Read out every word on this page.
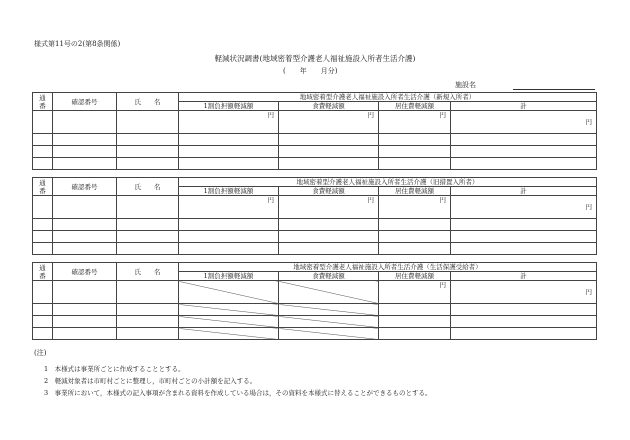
様式第11号の2(第8条関係)
軽減状況調書(地域密着型介護老人福祉施設入所者生活介護)
(　　年　　月分)
施設名
通
番	確認番号	氏　　名	地域密着型介護老人福祉施設入所者生活介護（新規入所者）			
			1割負担額軽減額	食費軽減額	居住費軽減額	計
			円	円	円	円

通
番	確認番号	氏　　名	地域密着型介護老人福祉施設入所者生活介護（旧措置入所者）			
			1割負担額軽減額	食費軽減額	居住費軽減額	計
			円	円	円	円

通
番	確認番号	氏　　名	地域密着型介護老人福祉施設入所者生活介護（生活保護受給者）			
			1割負担額軽減額	食費軽減額	居住費軽減額	計
					円	円

(注)
1　本様式は事業所ごとに作成することとする。
2　軽減対象者は市町村ごとに整理し，市町村ごとの小計額を記入する。
3　事業所において，本様式の記入事項が含まれる資料を作成している場合は，その資料を本様式に替えることができるものとする。
